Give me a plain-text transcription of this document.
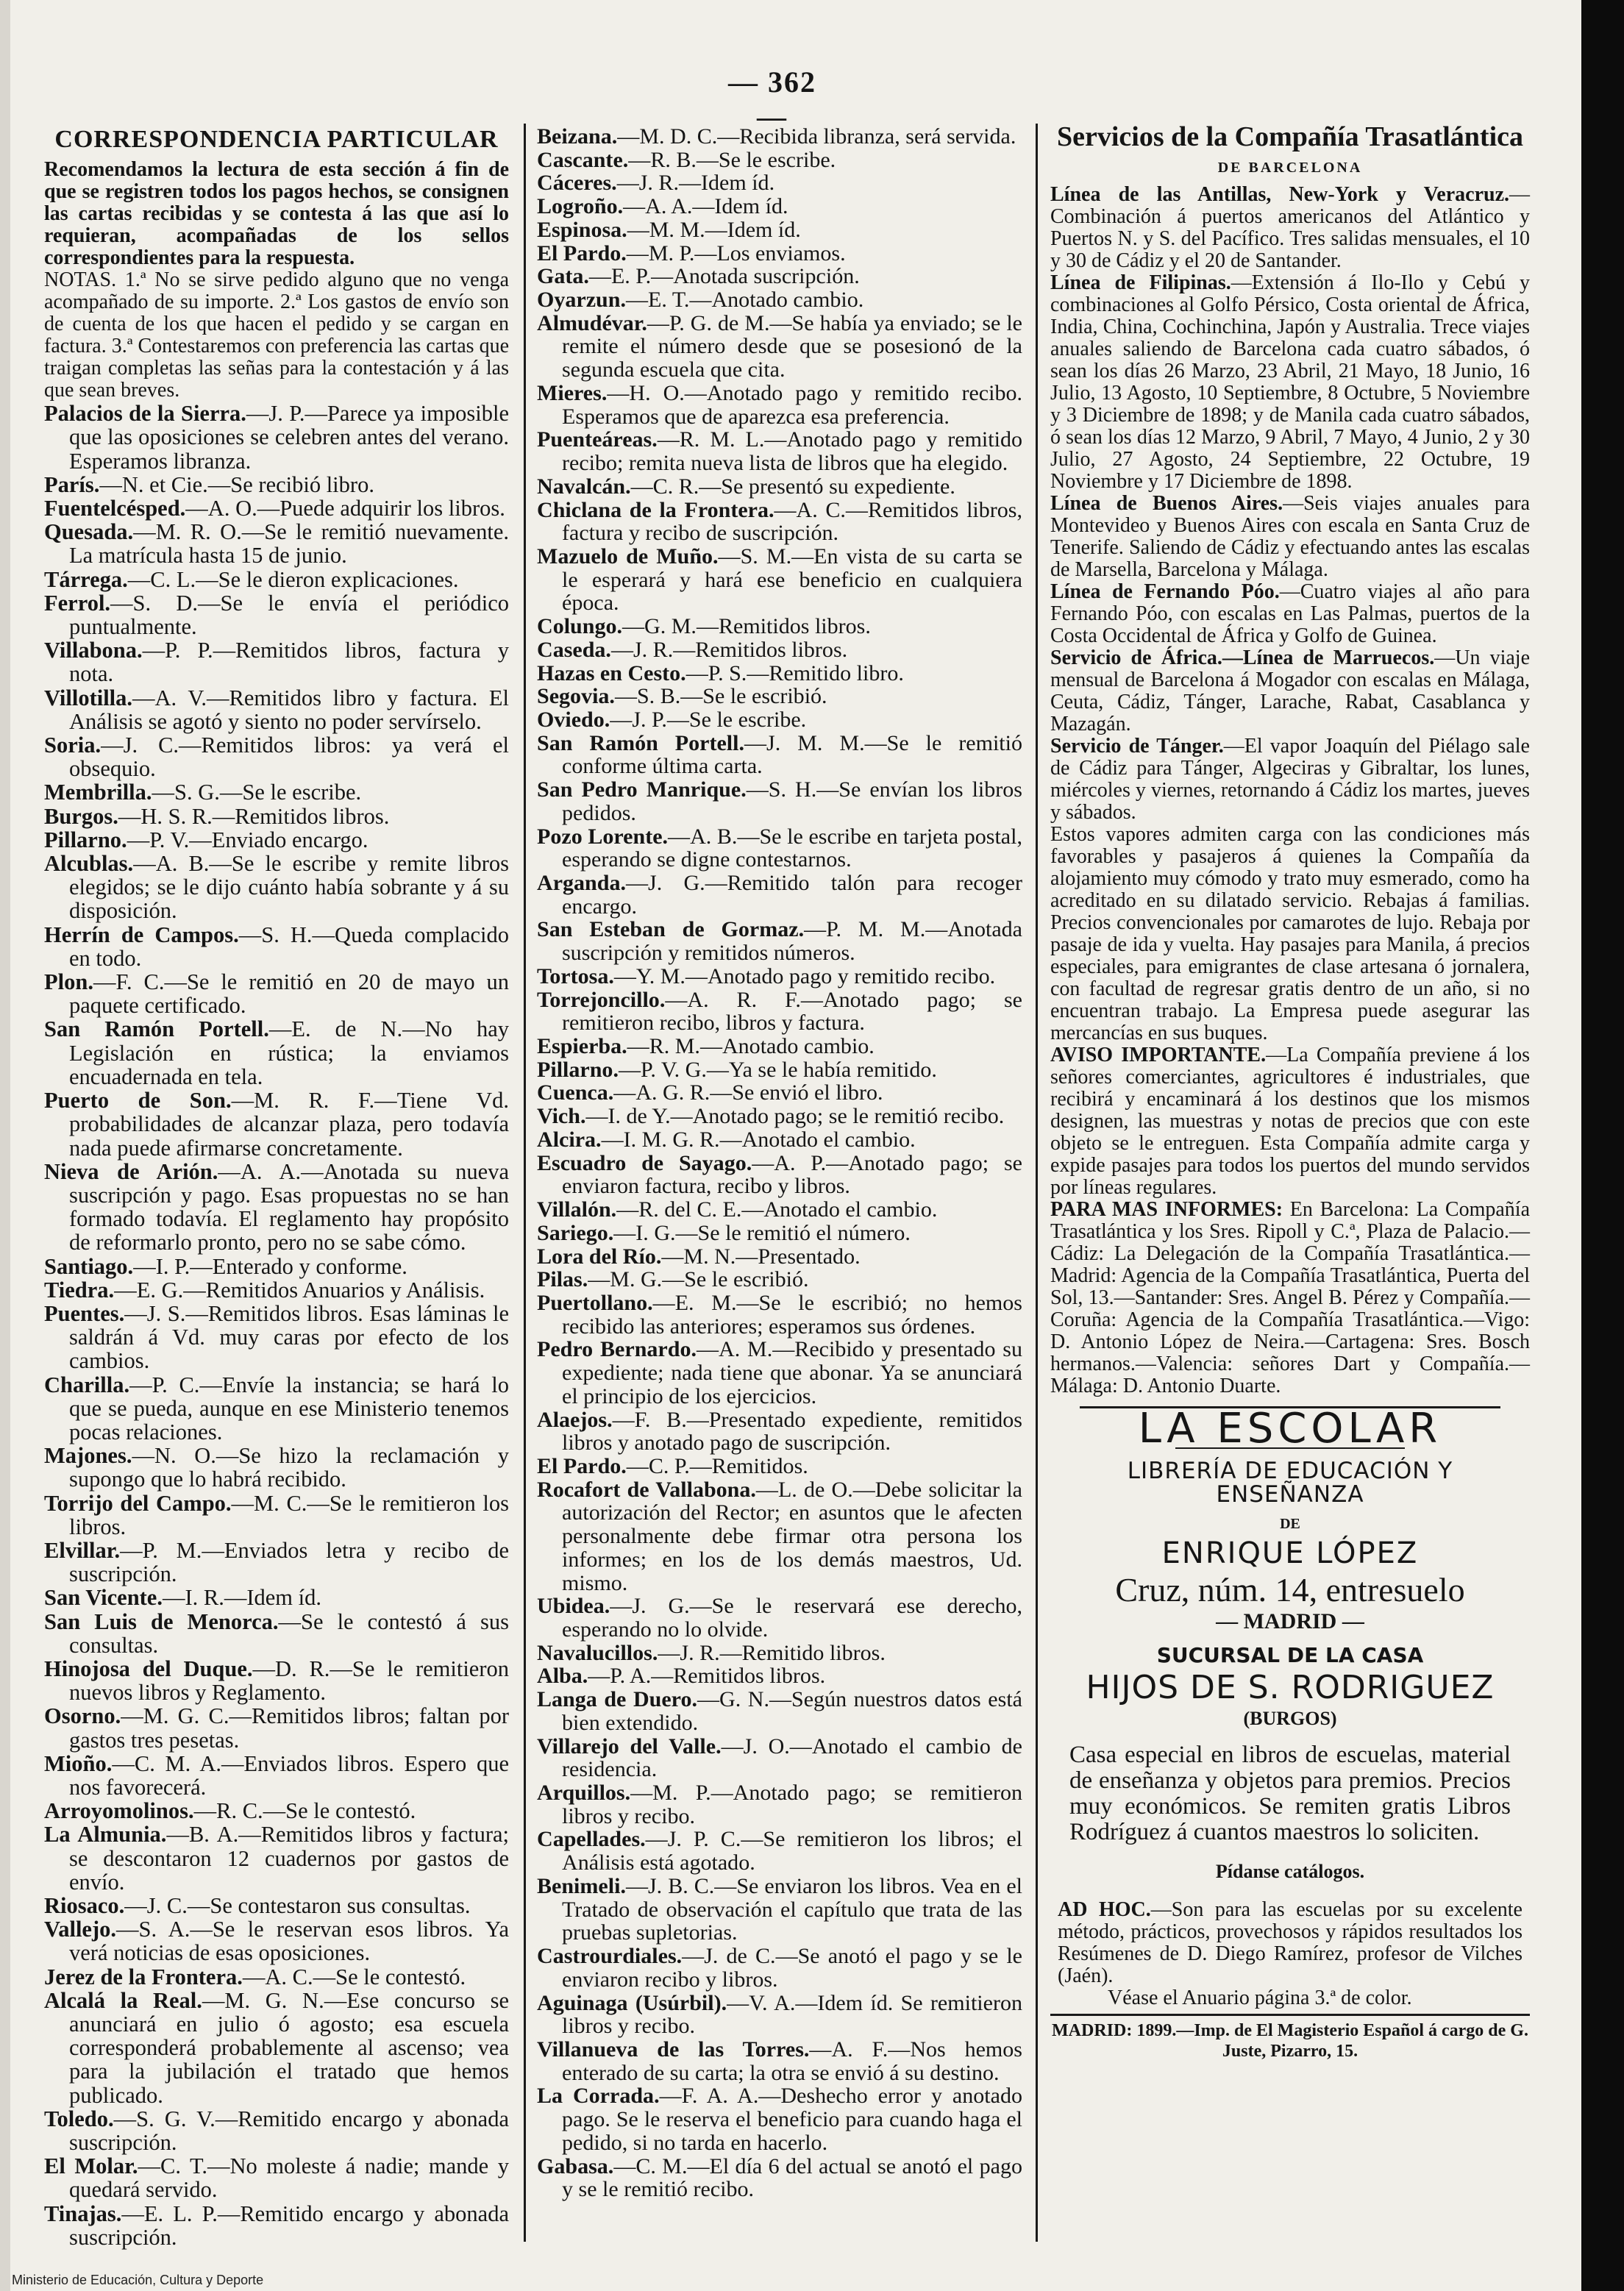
— 362 —
CORRESPONDENCIA PARTICULAR

Recomendamos la lectura de esta sección á fin de que se registren todos los pagos hechos, se consignen las cartas recibidas y se contesta á las que así lo requieran, acompañadas de los sellos correspondientes para la respuesta.

NOTAS. 1.ª No se sirve pedido alguno que no venga acompañado de su importe. 2.ª Los gastos de envío son de cuenta de los que hacen el pedido y se cargan en factura. 3.ª Contestaremos con preferencia las cartas que traigan completas las señas para la contestación y á las que sean breves.

Palacios de la Sierra.—J. P.—Parece ya imposible que las oposiciones se celebren antes del verano. Esperamos libranza.

París.—N. et Cie.—Se recibió libro.

Fuentelcésped.—A. O.—Puede adquirir los libros.

Quesada.—M. R. O.—Se le remitió nuevamente. La matrícula hasta 15 de junio.

Tárrega.—C. L.—Se le dieron explicaciones.

Ferrol.—S. D.—Se le envía el periódico puntualmente.

Villabona.—P. P.—Remitidos libros, factura y nota.

Villotilla.—A. V.—Remitidos libro y factura. El Análisis se agotó y siento no poder servírselo.

Soria.—J. C.—Remitidos libros: ya verá el obsequio.

Membrilla.—S. G.—Se le escribe.

Burgos.—H. S. R.—Remitidos libros.

Pillarno.—P. V.—Enviado encargo.

Alcublas.—A. B.—Se le escribe y remite libros elegidos; se le dijo cuánto había sobrante y á su disposición.

Herrín de Campos.—S. H.—Queda complacido en todo.

Plon.—F. C.—Se le remitió en 20 de mayo un paquete certificado.

San Ramón Portell.—E. de N.—No hay Legislación en rústica; la enviamos encuadernada en tela.

Puerto de Son.—M. R. F.—Tiene Vd. probabilidades de alcanzar plaza, pero todavía nada puede afirmarse concretamente.

Nieva de Arión.—A. A.—Anotada su nueva suscripción y pago. Esas propuestas no se han formado todavía. El reglamento hay propósito de reformarlo pronto, pero no se sabe cómo.

Santiago.—I. P.—Enterado y conforme.

Tiedra.—E. G.—Remitidos Anuarios y Análisis.

Puentes.—J. S.—Remitidos libros. Esas láminas le saldrán á Vd. muy caras por efecto de los cambios.

Charilla.—P. C.—Envíe la instancia; se hará lo que se pueda, aunque en ese Ministerio tenemos pocas relaciones.

Majones.—N. O.—Se hizo la reclamación y supongo que lo habrá recibido.

Torrijo del Campo.—M. C.—Se le remitieron los libros.

Elvillar.—P. M.—Enviados letra y recibo de suscripción.

San Vicente.—I. R.—Idem íd.

San Luis de Menorca.—Se le contestó á sus consultas.

Hinojosa del Duque.—D. R.—Se le remitieron nuevos libros y Reglamento.

Osorno.—M. G. C.—Remitidos libros; faltan por gastos tres pesetas.

Mioño.—C. M. A.—Enviados libros. Espero que nos favorecerá.

Arroyomolinos.—R. C.—Se le contestó.

La Almunia.—B. A.—Remitidos libros y factura; se descontaron 12 cuadernos por gastos de envío.

Riosaco.—J. C.—Se contestaron sus consultas.

Vallejo.—S. A.—Se le reservan esos libros. Ya verá noticias de esas oposiciones.

Jerez de la Frontera.—A. C.—Se le contestó.

Alcalá la Real.—M. G. N.—Ese concurso se anunciará en julio ó agosto; esa escuela corresponderá probablemente al ascenso; vea para la jubilación el tratado que hemos publicado.

Toledo.—S. G. V.—Remitido encargo y abonada suscripción.

El Molar.—C. T.—No moleste á nadie; mande y quedará servido.

Tinajas.—E. L. P.—Remitido encargo y abonada suscripción.

Beizana.—M. D. C.—Recibida libranza, será servida.

Cascante.—R. B.—Se le escribe.

Cáceres.—J. R.—Idem íd.

Logroño.—A. A.—Idem íd.

Espinosa.—M. M.—Idem íd.

El Pardo.—M. P.—Los enviamos.

Gata.—E. P.—Anotada suscripción.

Oyarzun.—E. T.—Anotado cambio.

Almudévar.—P. G. de M.—Se había ya enviado; se le remite el número desde que se posesionó de la segunda escuela que cita.

Mieres.—H. O.—Anotado pago y remitido recibo. Esperamos que de aparezca esa preferencia.

Puenteáreas.—R. M. L.—Anotado pago y remitido recibo; remita nueva lista de libros que ha elegido.

Navalcán.—C. R.—Se presentó su expediente.

Chiclana de la Frontera.—A. C.—Remitidos libros, factura y recibo de suscripción.

Mazuelo de Muño.—S. M.—En vista de su carta se le esperará y hará ese beneficio en cualquiera época.

Colungo.—G. M.—Remitidos libros.

Caseda.—J. R.—Remitidos libros.

Hazas en Cesto.—P. S.—Remitido libro.

Segovia.—S. B.—Se le escribió.

Oviedo.—J. P.—Se le escribe.

San Ramón Portell.—J. M. M.—Se le remitió conforme última carta.

San Pedro Manrique.—S. H.—Se envían los libros pedidos.

Pozo Lorente.—A. B.—Se le escribe en tarjeta postal, esperando se digne contestarnos.

Arganda.—J. G.—Remitido talón para recoger encargo.

San Esteban de Gormaz.—P. M. M.—Anotada suscripción y remitidos números.

Tortosa.—Y. M.—Anotado pago y remitido recibo.

Torrejoncillo.—A. R. F.—Anotado pago; se remitieron recibo, libros y factura.

Espierba.—R. M.—Anotado cambio.

Pillarno.—P. V. G.—Ya se le había remitido.

Cuenca.—A. G. R.—Se envió el libro.

Vich.—I. de Y.—Anotado pago; se le remitió recibo.

Alcira.—I. M. G. R.—Anotado el cambio.

Escuadro de Sayago.—A. P.—Anotado pago; se enviaron factura, recibo y libros.

Villalón.—R. del C. E.—Anotado el cambio.

Sariego.—I. G.—Se le remitió el número.

Lora del Río.—M. N.—Presentado.

Pilas.—M. G.—Se le escribió.

Puertollano.—E. M.—Se le escribió; no hemos recibido las anteriores; esperamos sus órdenes.

Pedro Bernardo.—A. M.—Recibido y presentado su expediente; nada tiene que abonar. Ya se anunciará el principio de los ejercicios.

Alaejos.—F. B.—Presentado expediente, remitidos libros y anotado pago de suscripción.

El Pardo.—C. P.—Remitidos.

Rocafort de Vallabona.—L. de O.—Debe solicitar la autorización del Rector; en asuntos que le afecten personalmente debe firmar otra persona los informes; en los de los demás maestros, Ud. mismo.

Ubidea.—J. G.—Se le reservará ese derecho, esperando no lo olvide.

Navalucillos.—J. R.—Remitido libros.

Alba.—P. A.—Remitidos libros.

Langa de Duero.—G. N.—Según nuestros datos está bien extendido.

Villarejo del Valle.—J. O.—Anotado el cambio de residencia.

Arquillos.—M. P.—Anotado pago; se remitieron libros y recibo.

Capellades.—J. P. C.—Se remitieron los libros; el Análisis está agotado.

Benimeli.—J. B. C.—Se enviaron los libros. Vea en el Tratado de observación el capítulo que trata de las pruebas supletorias.

Castrourdiales.—J. de C.—Se anotó el pago y se le enviaron recibo y libros.

Aguinaga (Usúrbil).—V. A.—Idem íd. Se remitieron libros y recibo.

Villanueva de las Torres.—A. F.—Nos hemos enterado de su carta; la otra se envió á su destino.

La Corrada.—F. A. A.—Deshecho error y anotado pago. Se le reserva el beneficio para cuando haga el pedido, si no tarda en hacerlo.

Gabasa.—C. M.—El día 6 del actual se anotó el pago y se le remitió recibo.

Servicios de la Compañía Trasatlántica
DE BARCELONA

Línea de las Antillas, New-York y Veracruz.—Combinación á puertos americanos del Atlántico y Puertos N. y S. del Pacífico. Tres salidas mensuales, el 10 y 30 de Cádiz y el 20 de Santander.

Línea de Filipinas.—Extensión á Ilo-Ilo y Cebú y combinaciones al Golfo Pérsico, Costa oriental de África, India, China, Cochinchina, Japón y Australia. Trece viajes anuales saliendo de Barcelona cada cuatro sábados, ó sean los días 26 Marzo, 23 Abril, 21 Mayo, 18 Junio, 16 Julio, 13 Agosto, 10 Septiembre, 8 Octubre, 5 Noviembre y 3 Diciembre de 1898; y de Manila cada cuatro sábados, ó sean los días 12 Marzo, 9 Abril, 7 Mayo, 4 Junio, 2 y 30 Julio, 27 Agosto, 24 Septiembre, 22 Octubre, 19 Noviembre y 17 Diciembre de 1898.

Línea de Buenos Aires.—Seis viajes anuales para Montevideo y Buenos Aires con escala en Santa Cruz de Tenerife. Saliendo de Cádiz y efectuando antes las escalas de Marsella, Barcelona y Málaga.

Línea de Fernando Póo.—Cuatro viajes al año para Fernando Póo, con escalas en Las Palmas, puertos de la Costa Occidental de África y Golfo de Guinea.

Servicio de África.—Línea de Marruecos.—Un viaje mensual de Barcelona á Mogador con escalas en Málaga, Ceuta, Cádiz, Tánger, Larache, Rabat, Casablanca y Mazagán.

Servicio de Tánger.—El vapor Joaquín del Piélago sale de Cádiz para Tánger, Algeciras y Gibraltar, los lunes, miércoles y viernes, retornando á Cádiz los martes, jueves y sábados.

Estos vapores admiten carga con las condiciones más favorables y pasajeros á quienes la Compañía da alojamiento muy cómodo y trato muy esmerado, como ha acreditado en su dilatado servicio. Rebajas á familias. Precios convencionales por camarotes de lujo. Rebaja por pasaje de ida y vuelta. Hay pasajes para Manila, á precios especiales, para emigrantes de clase artesana ó jornalera, con facultad de regresar gratis dentro de un año, si no encuentran trabajo. La Empresa puede asegurar las mercancías en sus buques.

AVISO IMPORTANTE.—La Compañía previene á los señores comerciantes, agricultores é industriales, que recibirá y encaminará á los destinos que los mismos designen, las muestras y notas de precios que con este objeto se le entreguen. Esta Compañía admite carga y expide pasajes para todos los puertos del mundo servidos por líneas regulares.

PARA MAS INFORMES: En Barcelona: La Compañía Trasatlántica y los Sres. Ripoll y C.ª, Plaza de Palacio.—Cádiz: La Delegación de la Compañía Trasatlántica.—Madrid: Agencia de la Compañía Trasatlántica, Puerta del Sol, 13.—Santander: Sres. Angel B. Pérez y Compañía.—Coruña: Agencia de la Compañía Trasatlántica.—Vigo: D. Antonio López de Neira.—Cartagena: Sres. Bosch hermanos.—Valencia: señores Dart y Compañía.—Málaga: D. Antonio Duarte.

LA ESCOLAR
LIBRERÍA DE EDUCACIÓN Y ENSEÑANZA
DE
ENRIQUE LÓPEZ
Cruz, núm. 14, entresuelo
— MADRID —
SUCURSAL DE LA CASA
HIJOS DE S. RODRIGUEZ
(BURGOS)

Casa especial en libros de escuelas, material de enseñanza y objetos para premios. Precios muy económicos. Se remiten gratis Libros Rodríguez á cuantos maestros lo soliciten.

Pídanse catálogos.

AD HOC.—Son para las escuelas por su excelente método, prácticos, provechosos y rápidos resultados los Resúmenes de D. Diego Ramírez, profesor de Vilches (Jaén).

Véase el Anuario página 3.ª de color.

MADRID: 1899.—Imp. de El Magisterio Español á cargo de G. Juste, Pizarro, 15.
Ministerio de Educación, Cultura y Deporte
